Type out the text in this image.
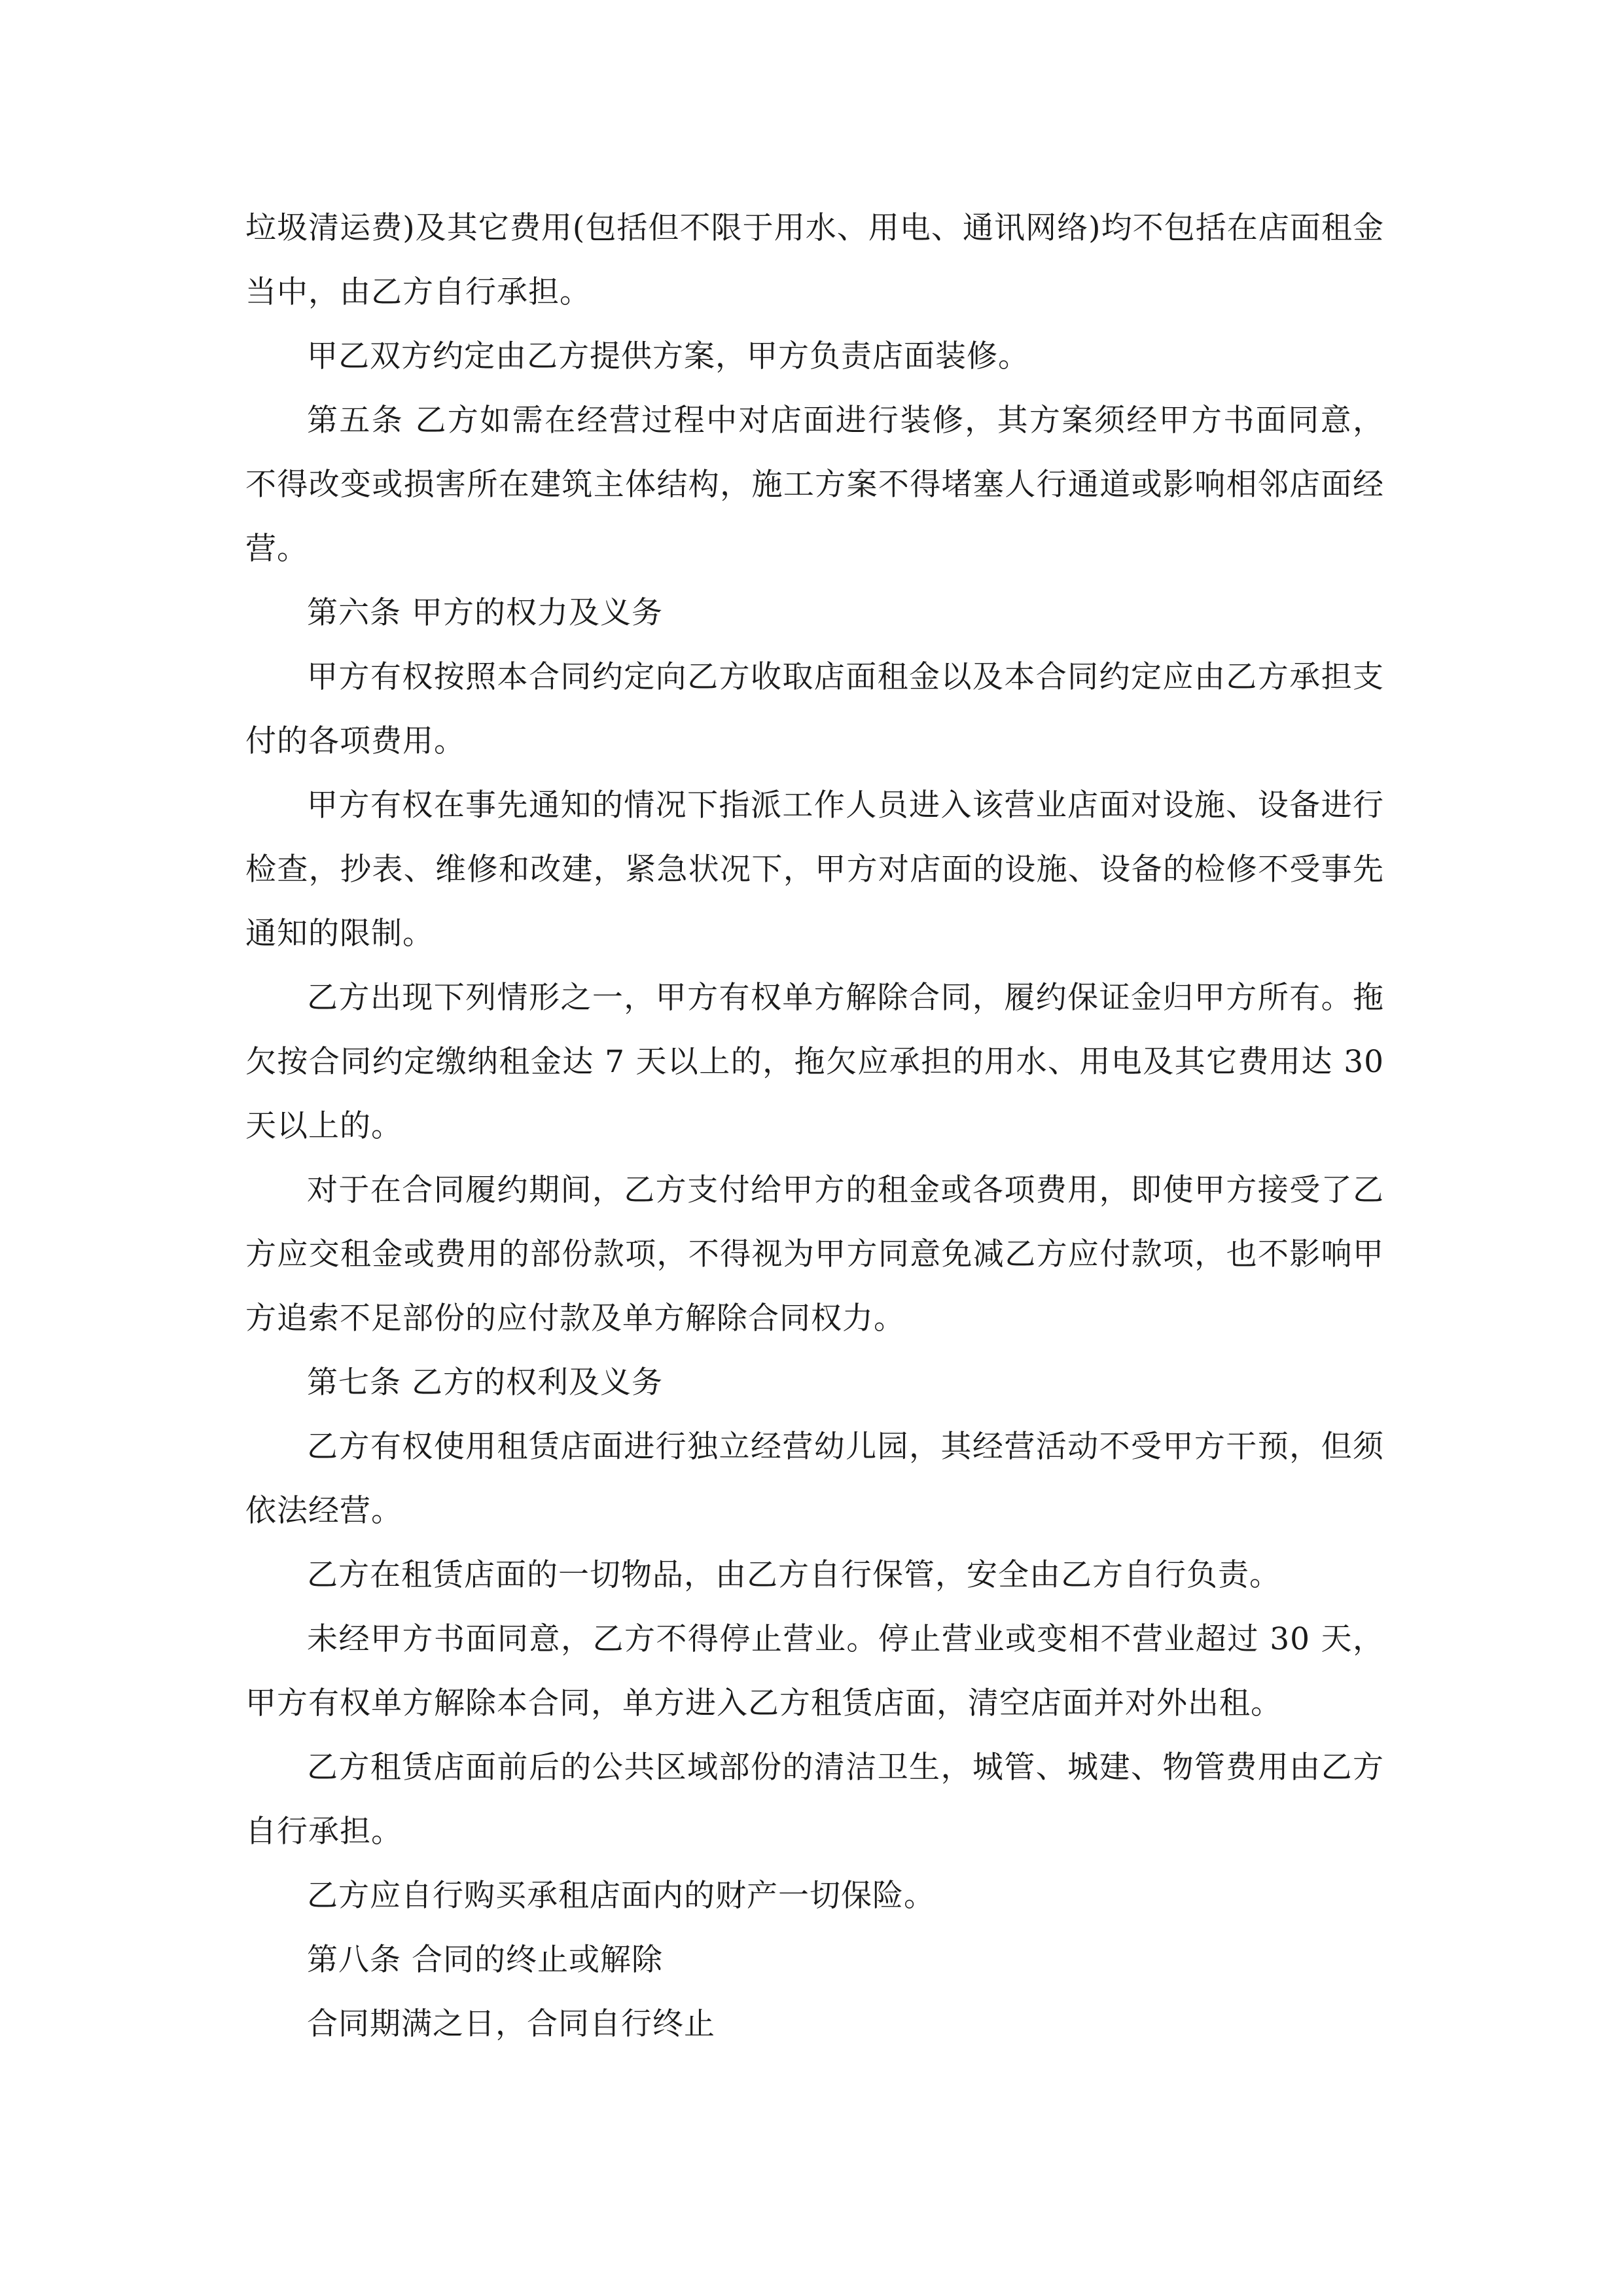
垃圾清运费)及其它费用(包括但不限于用水、用电、通讯网络)均不包括在店面租金当中，由乙方自行承担。

甲乙双方约定由乙方提供方案，甲方负责店面装修。

第五条 乙方如需在经营过程中对店面进行装修，其方案须经甲方书面同意，不得改变或损害所在建筑主体结构，施工方案不得堵塞人行通道或影响相邻店面经营。

第六条 甲方的权力及义务

甲方有权按照本合同约定向乙方收取店面租金以及本合同约定应由乙方承担支付的各项费用。

甲方有权在事先通知的情况下指派工作人员进入该营业店面对设施、设备进行检查，抄表、维修和改建，紧急状况下，甲方对店面的设施、设备的检修不受事先通知的限制。

乙方出现下列情形之一，甲方有权单方解除合同，履约保证金归甲方所有。拖欠按合同约定缴纳租金达 7 天以上的，拖欠应承担的用水、用电及其它费用达 30 天以上的。

对于在合同履约期间，乙方支付给甲方的租金或各项费用，即使甲方接受了乙方应交租金或费用的部份款项，不得视为甲方同意免减乙方应付款项，也不影响甲方追索不足部份的应付款及单方解除合同权力。

第七条 乙方的权利及义务

乙方有权使用租赁店面进行独立经营幼儿园，其经营活动不受甲方干预，但须依法经营。

乙方在租赁店面的一切物品，由乙方自行保管，安全由乙方自行负责。

未经甲方书面同意，乙方不得停止营业。停止营业或变相不营业超过 30 天，甲方有权单方解除本合同，单方进入乙方租赁店面，清空店面并对外出租。

乙方租赁店面前后的公共区域部份的清洁卫生，城管、城建、物管费用由乙方自行承担。

乙方应自行购买承租店面内的财产一切保险。

第八条 合同的终止或解除

合同期满之日，合同自行终止
